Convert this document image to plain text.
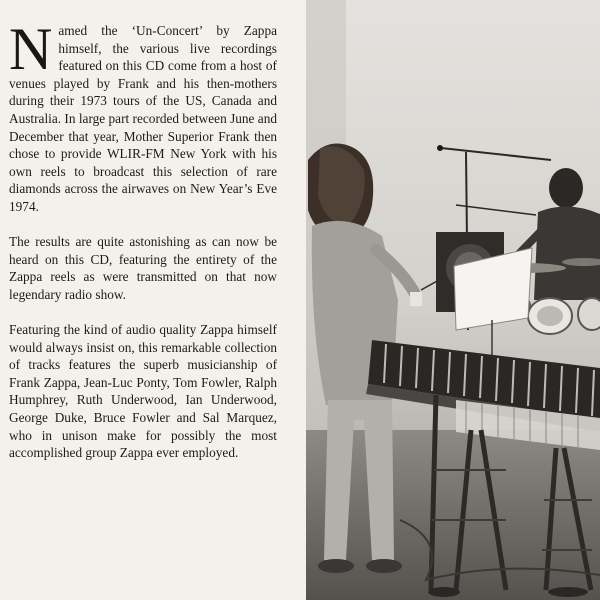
Named the ‘Un-Concert’ by Zappa himself, the various live recordings featured on this CD come from a host of venues played by Frank and his then-mothers during their 1973 tours of the US, Canada and Australia. In large part recorded between June and December that year, Mother Superior Frank then chose to provide WLIR-FM New York with his own reels to broadcast this selection of rare diamonds across the airwaves on New Year’s Eve 1974.

The results are quite astonishing as can now be heard on this CD, featuring the entirety of the Zappa reels as were transmitted on that now legendary radio show.

Featuring the kind of audio quality Zappa himself would always insist on, this remarkable collection of tracks features the superb musicianship of Frank Zappa, Jean-Luc Ponty, Tom Fowler, Ralph Humphrey, Ruth Underwood, Ian Underwood, George Duke, Bruce Fowler and Sal Marquez, who in unison make for possibly the most accomplished group Zappa ever employed.
